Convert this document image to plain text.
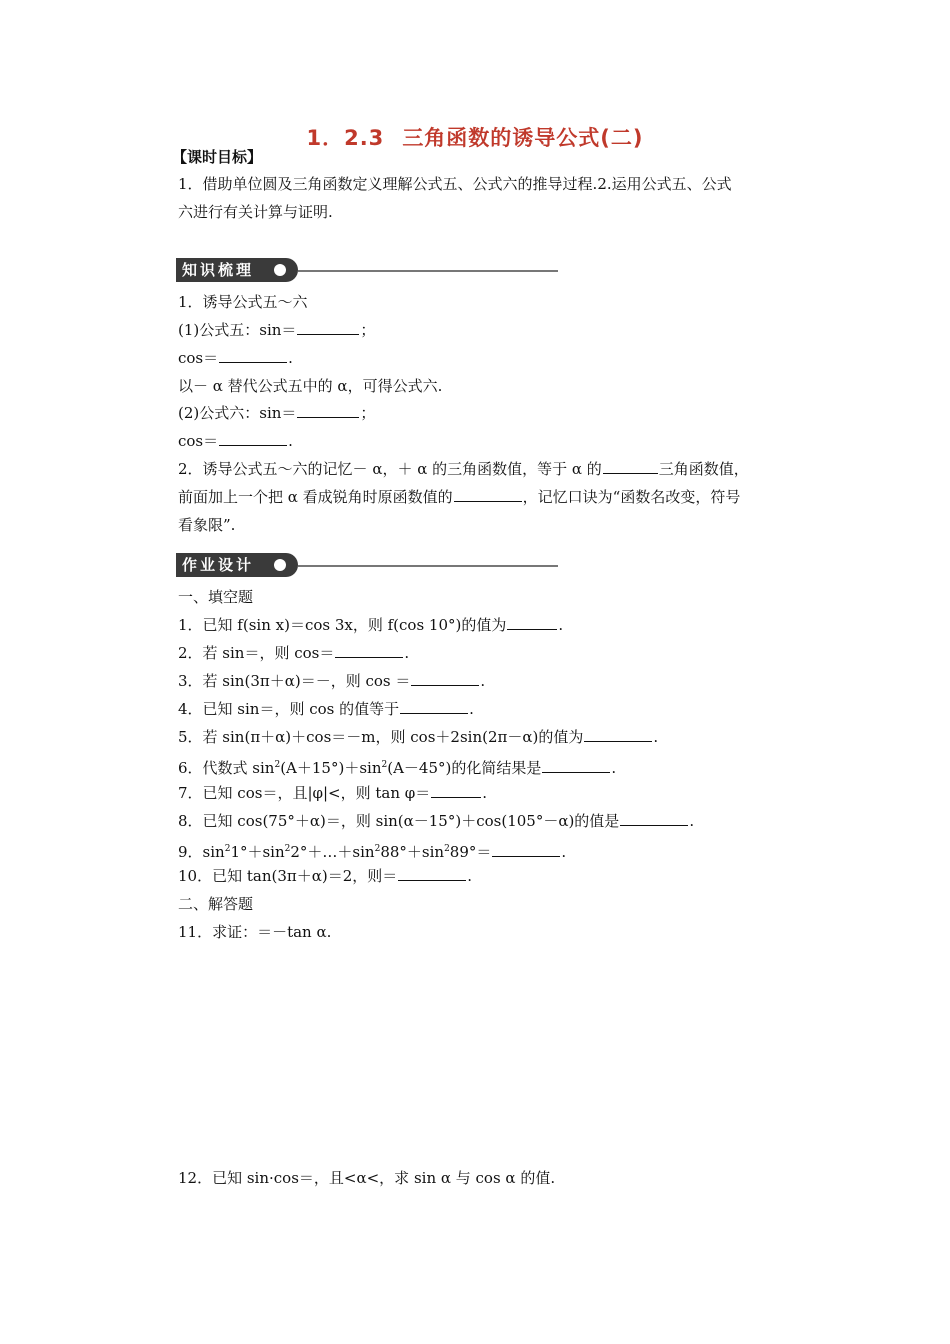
1．2.3 三角函数的诱导公式(二)
【课时目标】
1．借助单位圆及三角函数定义理解公式五、公式六的推导过程.2.运用公式五、公式
六进行有关计算与证明.
知识梳理
1．诱导公式五～六
(1)公式五：sin＝	；
cos＝	.
以－ α 替代公式五中的 α，可得公式六.
(2)公式六：sin＝	；
cos＝	.
2．诱导公式五～六的记忆－ α，＋ α 的三角函数值，等于 α 的	三角函数值，
前面加上一个把 α 看成锐角时原函数值的	，记忆口诀为“函数名改变，符号
看象限”.
作业设计
一、填空题
1．已知 f(sin x)＝cos 3x，则 f(cos 10°)的值为	.
2．若 sin＝，则 cos＝	.
3．若 sin(3π＋α)＝－，则 cos ＝	.
4．已知 sin＝，则 cos 的值等于	.
5．若 sin(π＋α)＋cos＝－m，则 cos＋2sin(2π－α)的值为	.
6．代数式 $\sin^2(A+15^\circ)+\sin^2(A-45^\circ)$的化简结果是	.
7．已知 cos＝，且|φ|<，则 tan φ＝	.
8．已知 cos(75°＋α)＝，则 sin(α－15°)＋cos(105°－α)的值是	.
9．$\sin^21^\circ+\sin^22^\circ+\dots+\sin^288^\circ+\sin^289^\circ=$	.
10．已知 tan(3π＋α)＝2，则＝	.
二、解答题
11．求证：＝－tan α.
12．已知 sin·cos＝，且<α<，求 sin α 与 cos α 的值.
